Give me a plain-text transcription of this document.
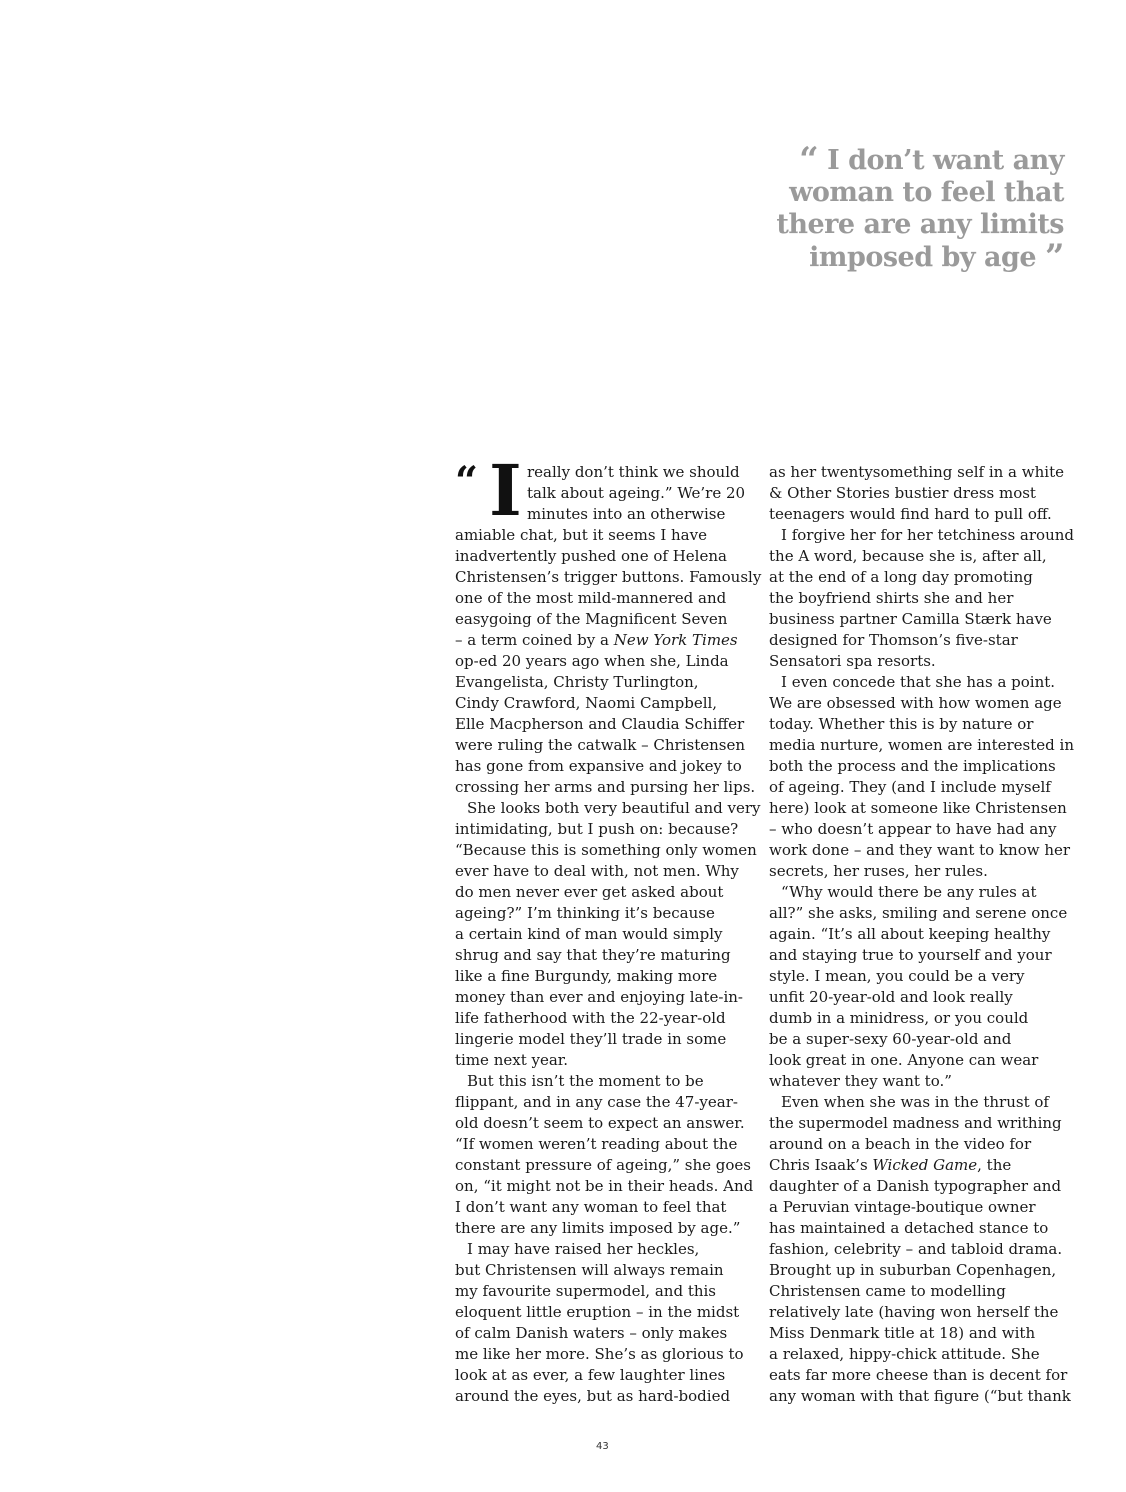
“ I don’t want any
woman to feel that
there are any limits
imposed by age ”
“ I really don’t think we should
talk about ageing.” We’re 20
minutes into an otherwise
amiable chat, but it seems I have
inadvertently pushed one of Helena
Christensen’s trigger buttons. Famously
one of the most mild-mannered and
easygoing of the Magnificent Seven
– a term coined by a New York Times
op-ed 20 years ago when she, Linda
Evangelista, Christy Turlington,
Cindy Crawford, Naomi Campbell,
Elle Macpherson and Claudia Schiffer
were ruling the catwalk – Christensen
has gone from expansive and jokey to
crossing her arms and pursing her lips.
She looks both very beautiful and very
intimidating, but I push on: because?
“Because this is something only women
ever have to deal with, not men. Why
do men never ever get asked about
ageing?” I’m thinking it’s because
a certain kind of man would simply
shrug and say that they’re maturing
like a fine Burgundy, making more
money than ever and enjoying late-in-
life fatherhood with the 22-year-old
lingerie model they’ll trade in some
time next year.
But this isn’t the moment to be
flippant, and in any case the 47-year-
old doesn’t seem to expect an answer.
“If women weren’t reading about the
constant pressure of ageing,” she goes
on, “it might not be in their heads. And
I don’t want any woman to feel that
there are any limits imposed by age.”
I may have raised her heckles,
but Christensen will always remain
my favourite supermodel, and this
eloquent little eruption – in the midst
of calm Danish waters – only makes
me like her more. She’s as glorious to
look at as ever, a few laughter lines
around the eyes, but as hard-bodied
as her twentysomething self in a white
& Other Stories bustier dress most
teenagers would find hard to pull off.
I forgive her for her tetchiness around
the A word, because she is, after all,
at the end of a long day promoting
the boyfriend shirts she and her
business partner Camilla Stærk have
designed for Thomson’s five-star
Sensatori spa resorts.
I even concede that she has a point.
We are obsessed with how women age
today. Whether this is by nature or
media nurture, women are interested in
both the process and the implications
of ageing. They (and I include myself
here) look at someone like Christensen
– who doesn’t appear to have had any
work done – and they want to know her
secrets, her ruses, her rules.
“Why would there be any rules at
all?” she asks, smiling and serene once
again. “It’s all about keeping healthy
and staying true to yourself and your
style. I mean, you could be a very
unfit 20-year-old and look really
dumb in a minidress, or you could
be a super-sexy 60-year-old and
look great in one. Anyone can wear
whatever they want to.”
Even when she was in the thrust of
the supermodel madness and writhing
around on a beach in the video for
Chris Isaak’s Wicked Game, the
daughter of a Danish typographer and
a Peruvian vintage-boutique owner
has maintained a detached stance to
fashion, celebrity – and tabloid drama.
Brought up in suburban Copenhagen,
Christensen came to modelling
relatively late (having won herself the
Miss Denmark title at 18) and with
a relaxed, hippy-chick attitude. She
eats far more cheese than is decent for
any woman with that figure (“but thank
43
